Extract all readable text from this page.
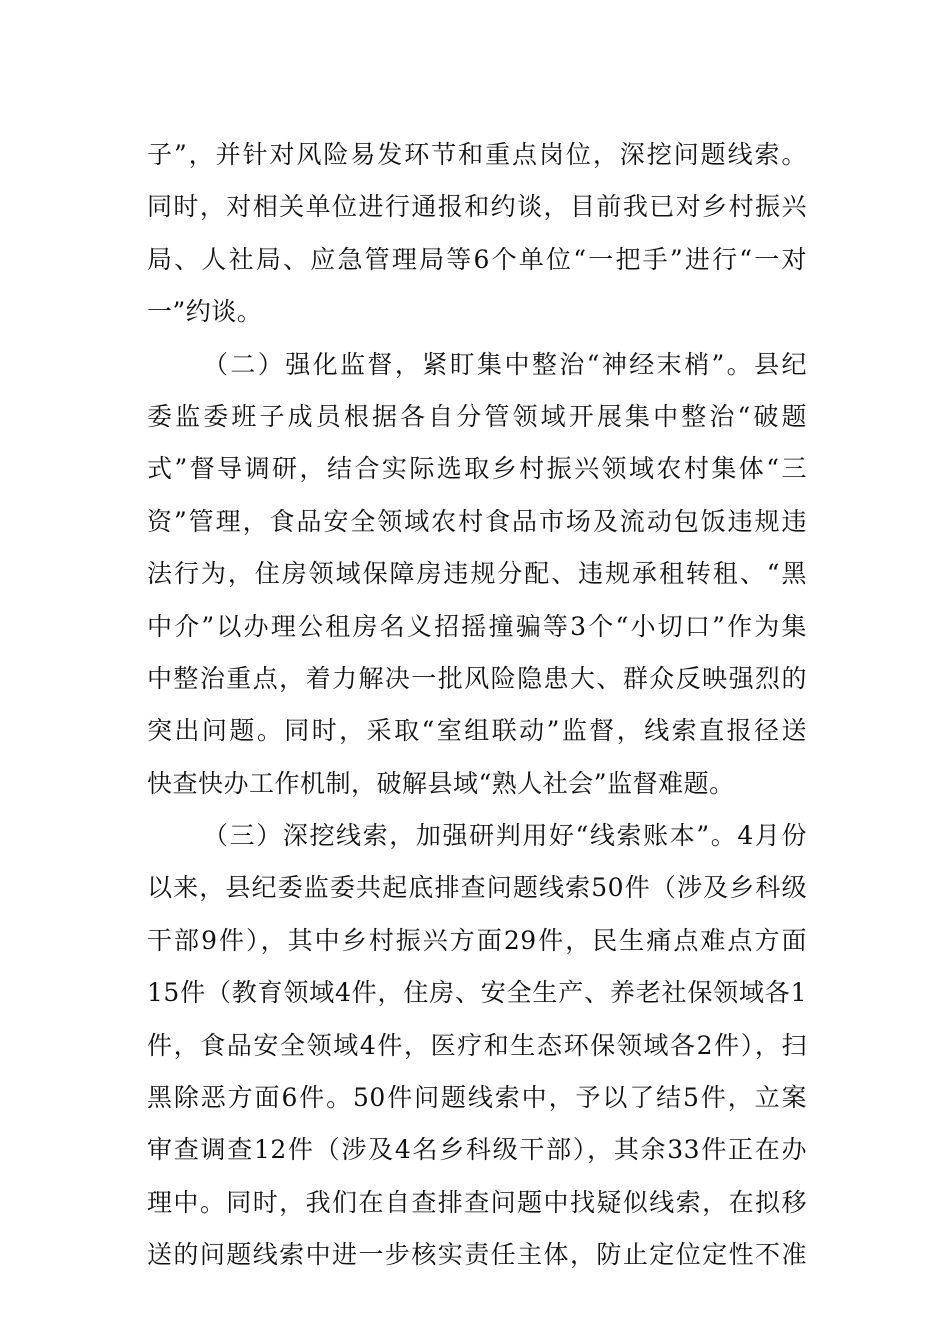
子”，并针对风险易发环节和重点岗位，深挖问题线索。
同时，对相关单位进行通报和约谈，目前我已对乡村振兴
局、人社局、应急管理局等6个单位“一把手”进行“一对
一”约谈。
（二）强化监督，紧盯集中整治“神经末梢”。县纪
委监委班子成员根据各自分管领域开展集中整治“破题
式”督导调研，结合实际选取乡村振兴领域农村集体“三
资”管理，食品安全领域农村食品市场及流动包饭违规违
法行为，住房领域保障房违规分配、违规承租转租、“黑
中介”以办理公租房名义招摇撞骗等3个“小切口”作为集
中整治重点，着力解决一批风险隐患大、群众反映强烈的
突出问题。同时，采取“室组联动”监督，线索直报径送
快查快办工作机制，破解县域“熟人社会”监督难题。
（三）深挖线索，加强研判用好“线索账本”。4月份
以来，县纪委监委共起底排查问题线索50件（涉及乡科级
干部9件），其中乡村振兴方面29件，民生痛点难点方面
15件（教育领域4件，住房、安全生产、养老社保领域各1
件，食品安全领域4件，医疗和生态环保领域各2件），扫
黑除恶方面6件。50件问题线索中，予以了结5件，立案
审查调查12件（涉及4名乡科级干部），其余33件正在办
理中。同时，我们在自查排查问题中找疑似线索，在拟移
送的问题线索中进一步核实责任主体，防止定位定性不准
